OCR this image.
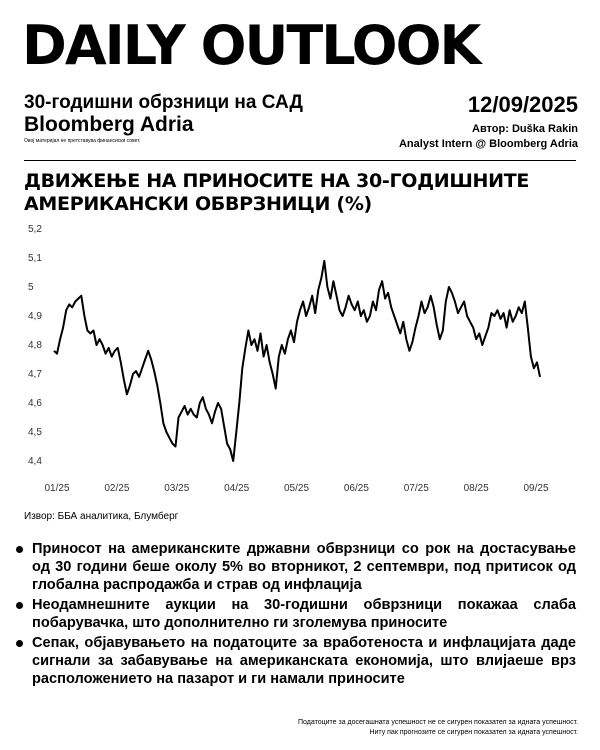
DAILY OUTLOOK
30-годишни обрзници на САД
Bloomberg Adria
Овој материјал не претставува финансиски совет.
12/09/2025
Автор: Duška Rakin
Analyst Intern @ Bloomberg Adria
ДВИЖЕЊЕ НА ПРИНОСИТЕ НА 30-ГОДИШНИТЕ
АМЕРИКАНСКИ ОБВРЗНИЦИ (%)
5,2
5,1
5
4,9
4,8
4,7
4,6
4,5
4,4
01/25	02/25	03/25	04/25	05/25	06/25	07/25	08/25	09/25
Извор: ББА аналитика, Блумберг
Приносот на американските државни обврзници со рок на достасување од 30 години беше околу 5% во вторникот, 2 септември, под притисок од глобална распродажба и страв од инфлација
Неодамнешните аукции на 30-годишни обврзници покажаа слаба побарувачка, што дополнително ги зголемува приносите
Сепак, објавувањето на податоците за вработеноста и инфлацијата даде сигнали за забавување на американската економија, што влијаеше врз расположението на пазарот и ги намали приносите
Податоците за досегашната успешност не се сигурен показател за идната успешност.
Ниту пак прогнозите се сигурен показател за идната успешност.
